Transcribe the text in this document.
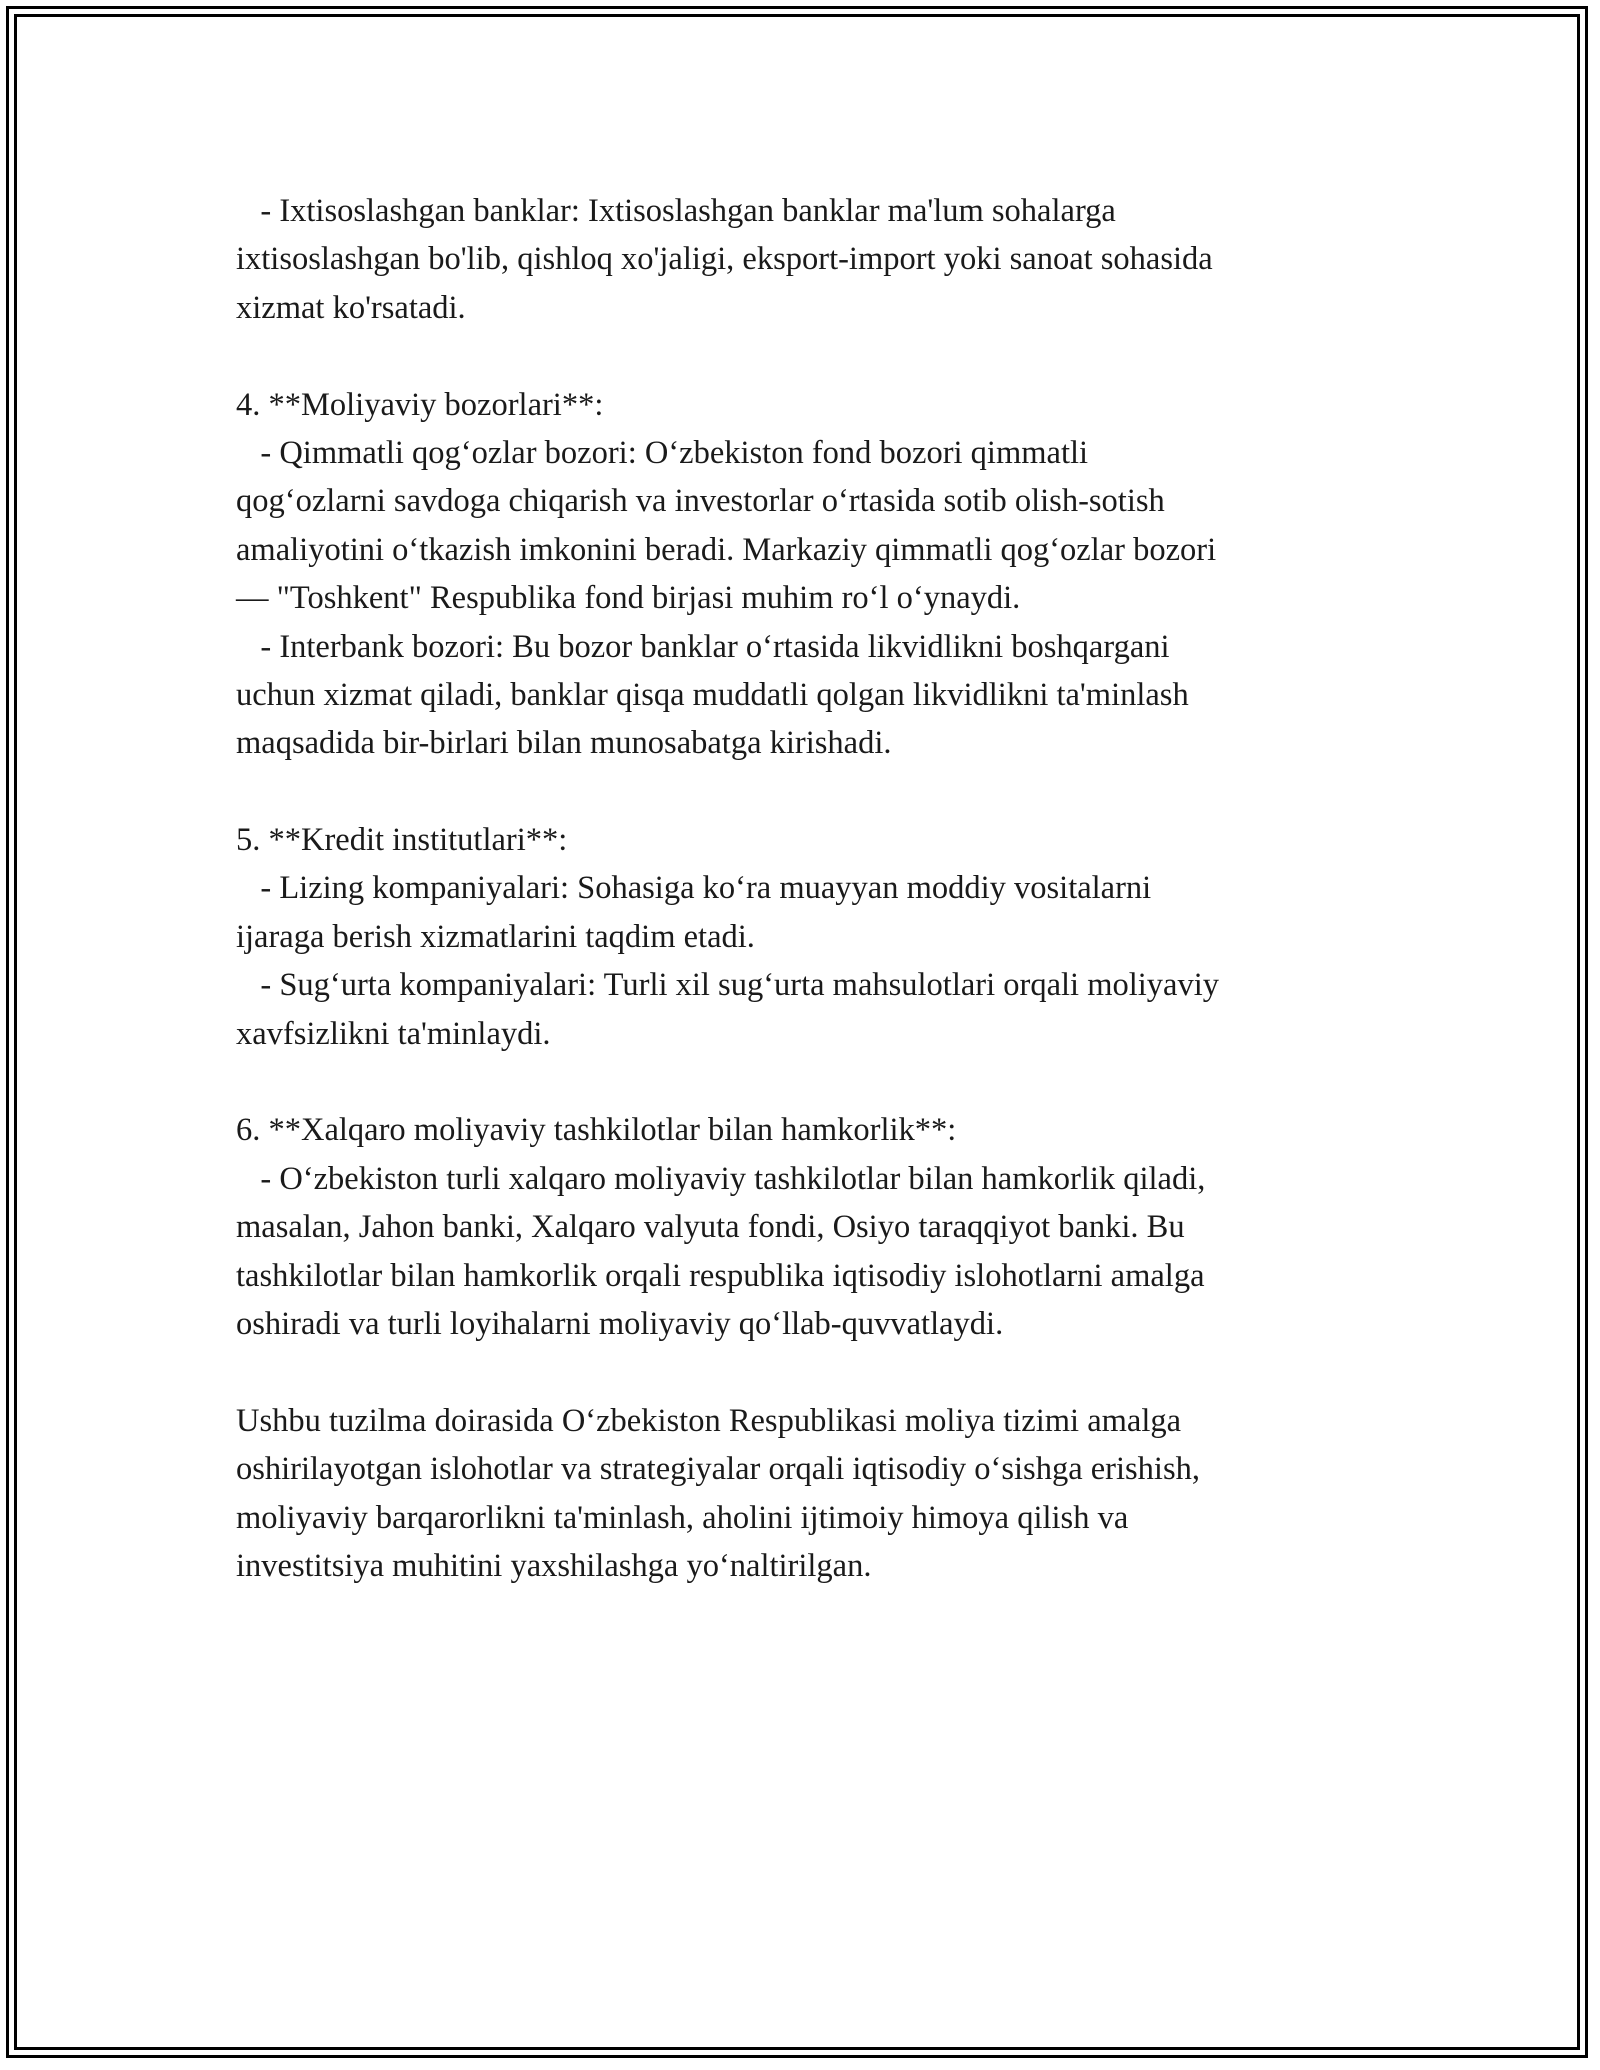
- Ixtisoslashgan banklar: Ixtisoslashgan banklar ma'lum sohalarga
ixtisoslashgan bo'lib, qishloq xo'jaligi, eksport-import yoki sanoat sohasida
xizmat ko'rsatadi.
4. **Moliyaviy bozorlari**:
- Qimmatli qog‘ozlar bozori: O‘zbekiston fond bozori qimmatli
qog‘ozlarni savdoga chiqarish va investorlar o‘rtasida sotib olish-sotish
amaliyotini o‘tkazish imkonini beradi. Markaziy qimmatli qog‘ozlar bozori
— "Toshkent" Respublika fond birjasi muhim ro‘l o‘ynaydi.
- Interbank bozori: Bu bozor banklar o‘rtasida likvidlikni boshqargani
uchun xizmat qiladi, banklar qisqa muddatli qolgan likvidlikni ta'minlash
maqsadida bir-birlari bilan munosabatga kirishadi.
5. **Kredit institutlari**:
- Lizing kompaniyalari: Sohasiga ko‘ra muayyan moddiy vositalarni
ijaraga berish xizmatlarini taqdim etadi.
- Sug‘urta kompaniyalari: Turli xil sug‘urta mahsulotlari orqali moliyaviy
xavfsizlikni ta'minlaydi.
6. **Xalqaro moliyaviy tashkilotlar bilan hamkorlik**:
- O‘zbekiston turli xalqaro moliyaviy tashkilotlar bilan hamkorlik qiladi,
masalan, Jahon banki, Xalqaro valyuta fondi, Osiyo taraqqiyot banki. Bu
tashkilotlar bilan hamkorlik orqali respublika iqtisodiy islohotlarni amalga
oshiradi va turli loyihalarni moliyaviy qo‘llab-quvvatlaydi.
Ushbu tuzilma doirasida O‘zbekiston Respublikasi moliya tizimi amalga
oshirilayotgan islohotlar va strategiyalar orqali iqtisodiy o‘sishga erishish,
moliyaviy barqarorlikni ta'minlash, aholini ijtimoiy himoya qilish va
investitsiya muhitini yaxshilashga yo‘naltirilgan.
